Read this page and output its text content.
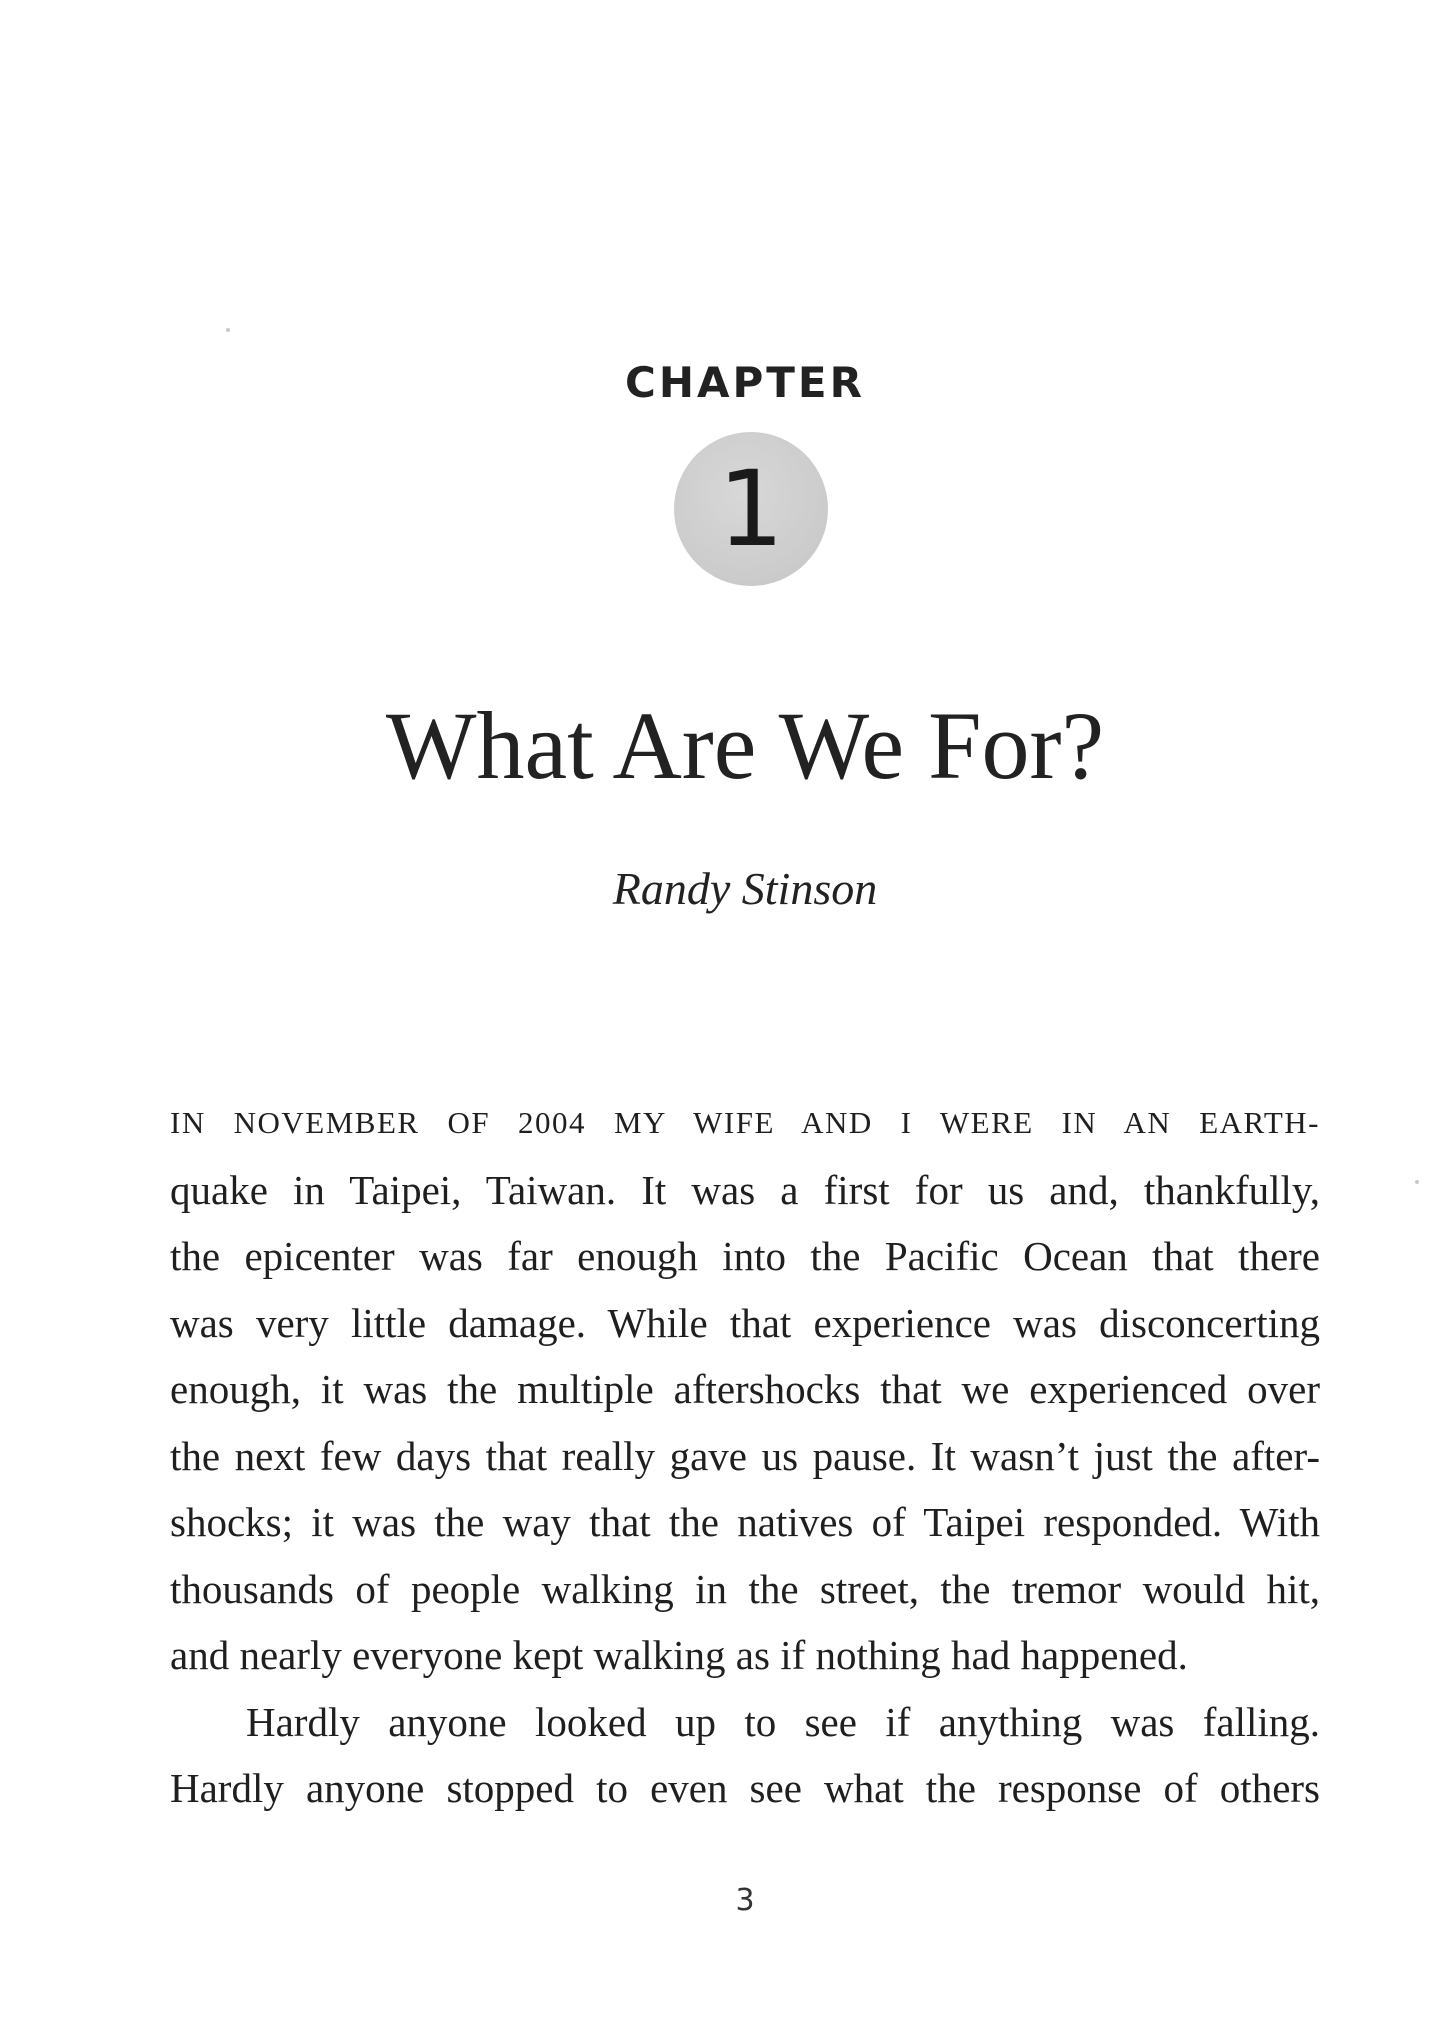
CHAPTER
1
What Are We For?
Randy Stinson

IN NOVEMBER OF 2004 MY WIFE AND I WERE IN AN EARTH-
quake in Taipei, Taiwan. It was a first for us and, thankfully,
the epicenter was far enough into the Pacific Ocean that there
was very little damage. While that experience was disconcerting
enough, it was the multiple aftershocks that we experienced over
the next few days that really gave us pause. It wasn’t just the after-
shocks; it was the way that the natives of Taipei responded. With
thousands of people walking in the street, the tremor would hit,
and nearly everyone kept walking as if nothing had happened.

Hardly anyone looked up to see if anything was falling.
Hardly anyone stopped to even see what the response of others

3
